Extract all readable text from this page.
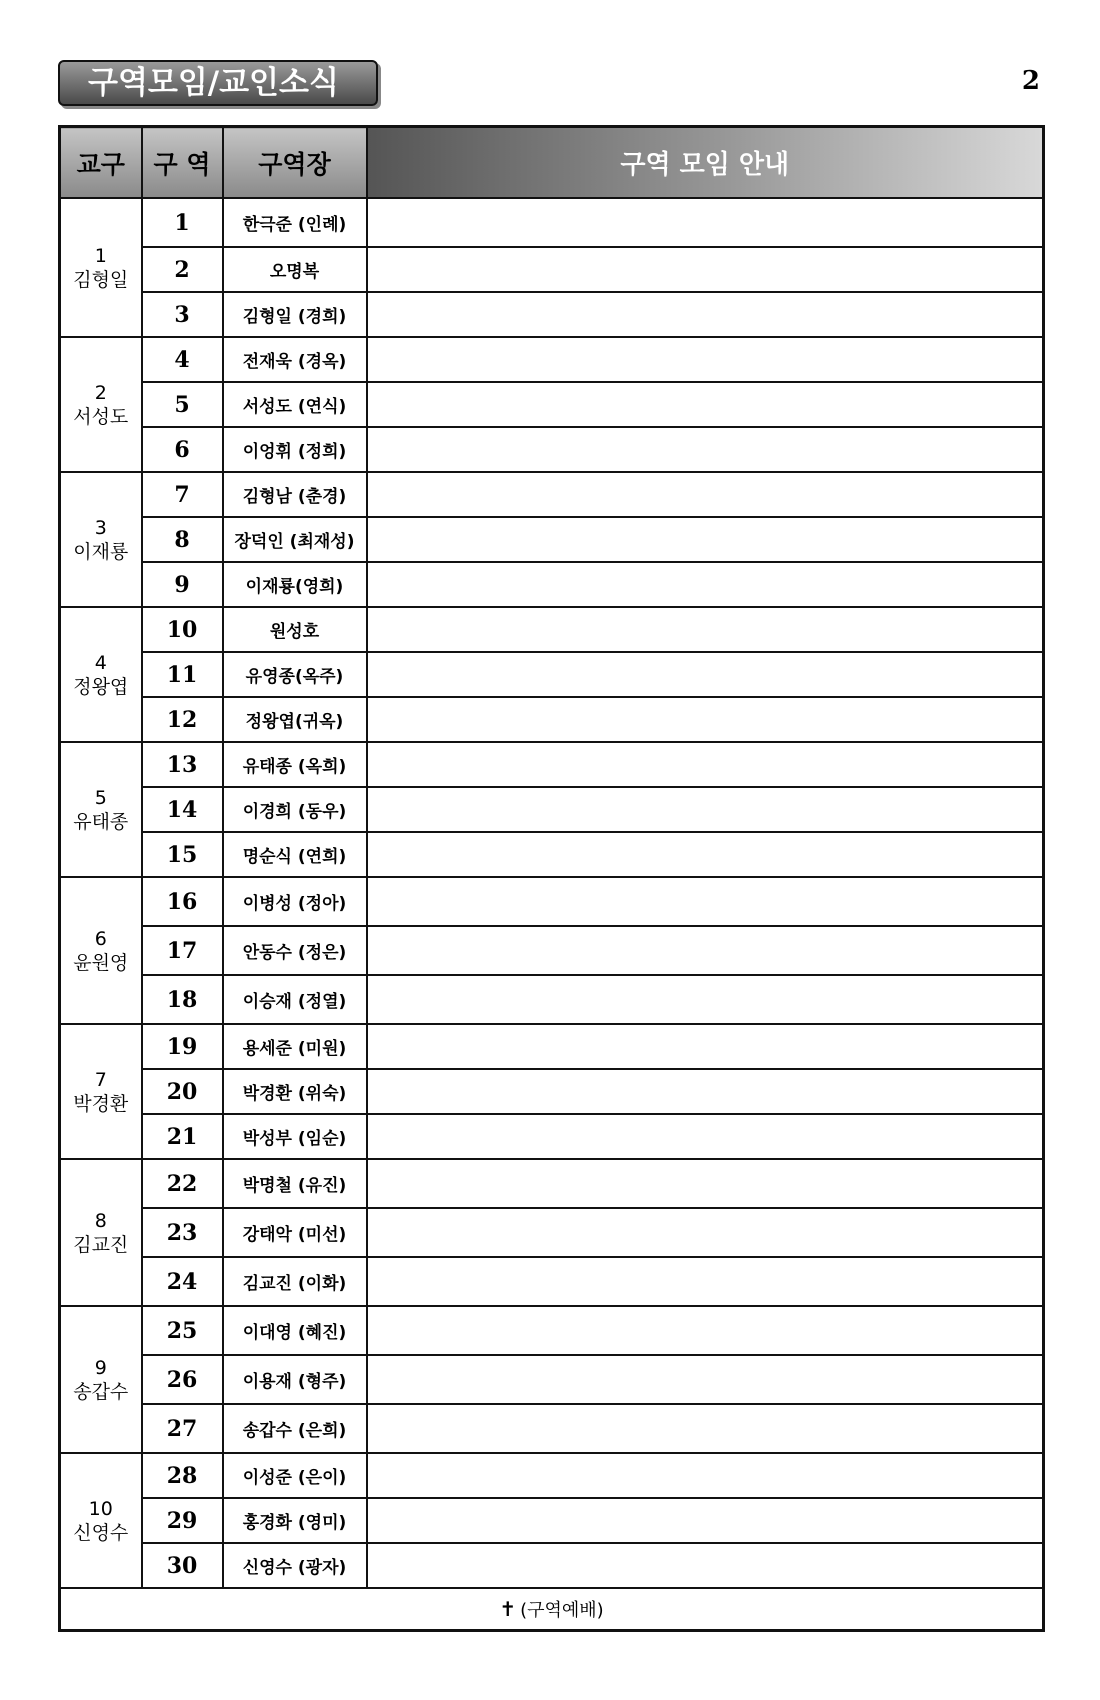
구역모임/교인소식	2
교구	구 역	구역장	구역 모임 안내

1
김형일	1	한극준 (인례)	
	2	오명복	
	3	김형일 (경희)	

2
서성도	4	전재욱 (경옥)	
	5	서성도 (연식)	
	6	이엉휘 (정희)	

3
이재룡	7	김형남 (춘경)	
	8	장덕인 (최재성)	
	9	이재룡(영희)	

4
정왕엽	10	원성호	
	11	유영종(옥주)	
	12	정왕엽(귀옥)	

5
유태종	13	유태종 (옥희)	
	14	이경희 (동우)	
	15	명순식 (연희)	

6
윤원영	16	이병성 (정아)	
	17	안동수 (정은)	
	18	이승재 (정열)	

7
박경환	19	용세준 (미원)	
	20	박경환 (위숙)	
	21	박성부 (임순)	

8
김교진	22	박명철 (유진)	
	23	강태악 (미선)	
	24	김교진 (이화)	

9
송갑수	25	이대영 (혜진)	
	26	이용재 (형주)	
	27	송갑수 (은희)	

10
신영수	28	이성준 (은이)	
	29	홍경화 (영미)	
	30	신영수 (광자)	
✝ (구역예배)			
